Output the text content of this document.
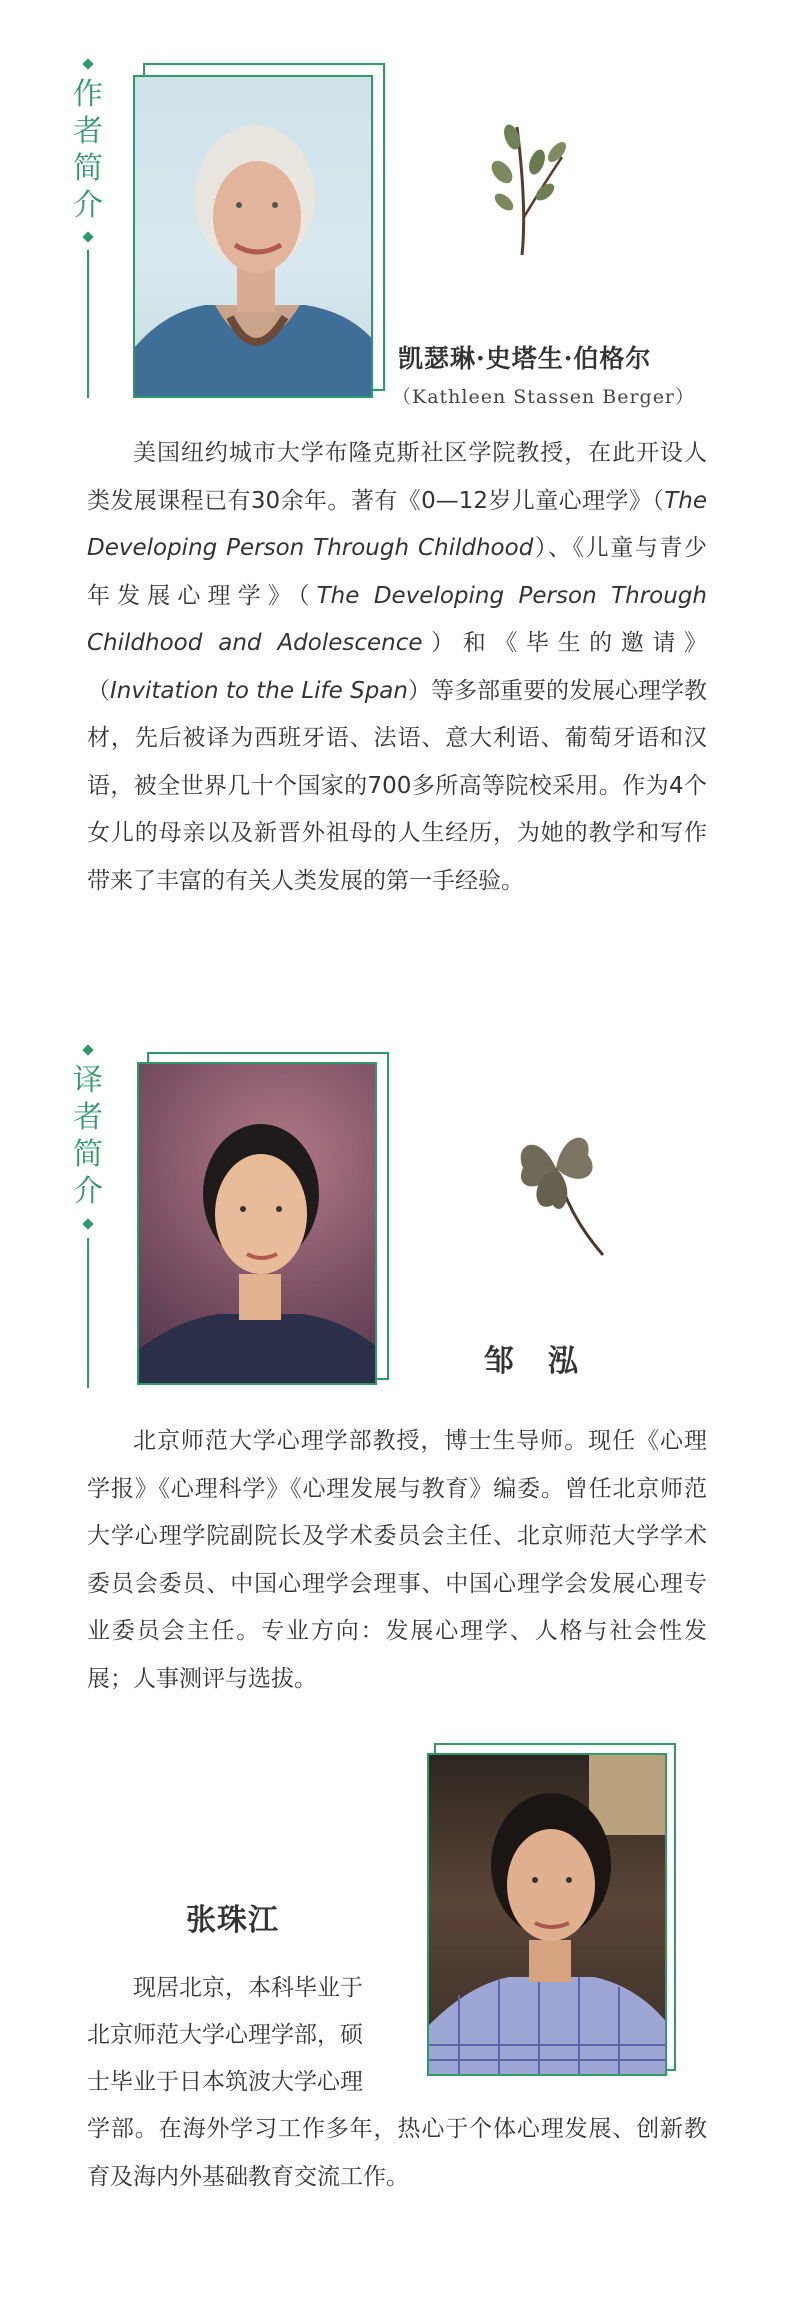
作者简介
凯瑟琳·史塔生·伯格尔
（Kathleen Stassen Berger）

美国纽约城市大学布隆克斯社区学院教授，在此开设人类发展课程已有30余年。著有《0—12岁儿童心理学》（The Developing Person Through Childhood）、《儿童与青少年发展心理学》（The Developing Person Through Childhood and Adolescence）和《毕生的邀请》（Invitation to the Life Span）等多部重要的发展心理学教材，先后被译为西班牙语、法语、意大利语、葡萄牙语和汉语，被全世界几十个国家的700多所高等院校采用。作为4个女儿的母亲以及新晋外祖母的人生经历，为她的教学和写作带来了丰富的有关人类发展的第一手经验。

译者简介
邹　泓

北京师范大学心理学部教授，博士生导师。现任《心理学报》《心理科学》《心理发展与教育》编委。曾任北京师范大学心理学院副院长及学术委员会主任、北京师范大学学术委员会委员、中国心理学会理事、中国心理学会发展心理专业委员会主任。专业方向：发展心理学、人格与社会性发展；人事测评与选拔。

张珠江
现居北京，本科毕业于
北京师范大学心理学部，硕
士毕业于日本筑波大学心理

学部。在海外学习工作多年，热心于个体心理发展、创新教育及海内外基础教育交流工作。
